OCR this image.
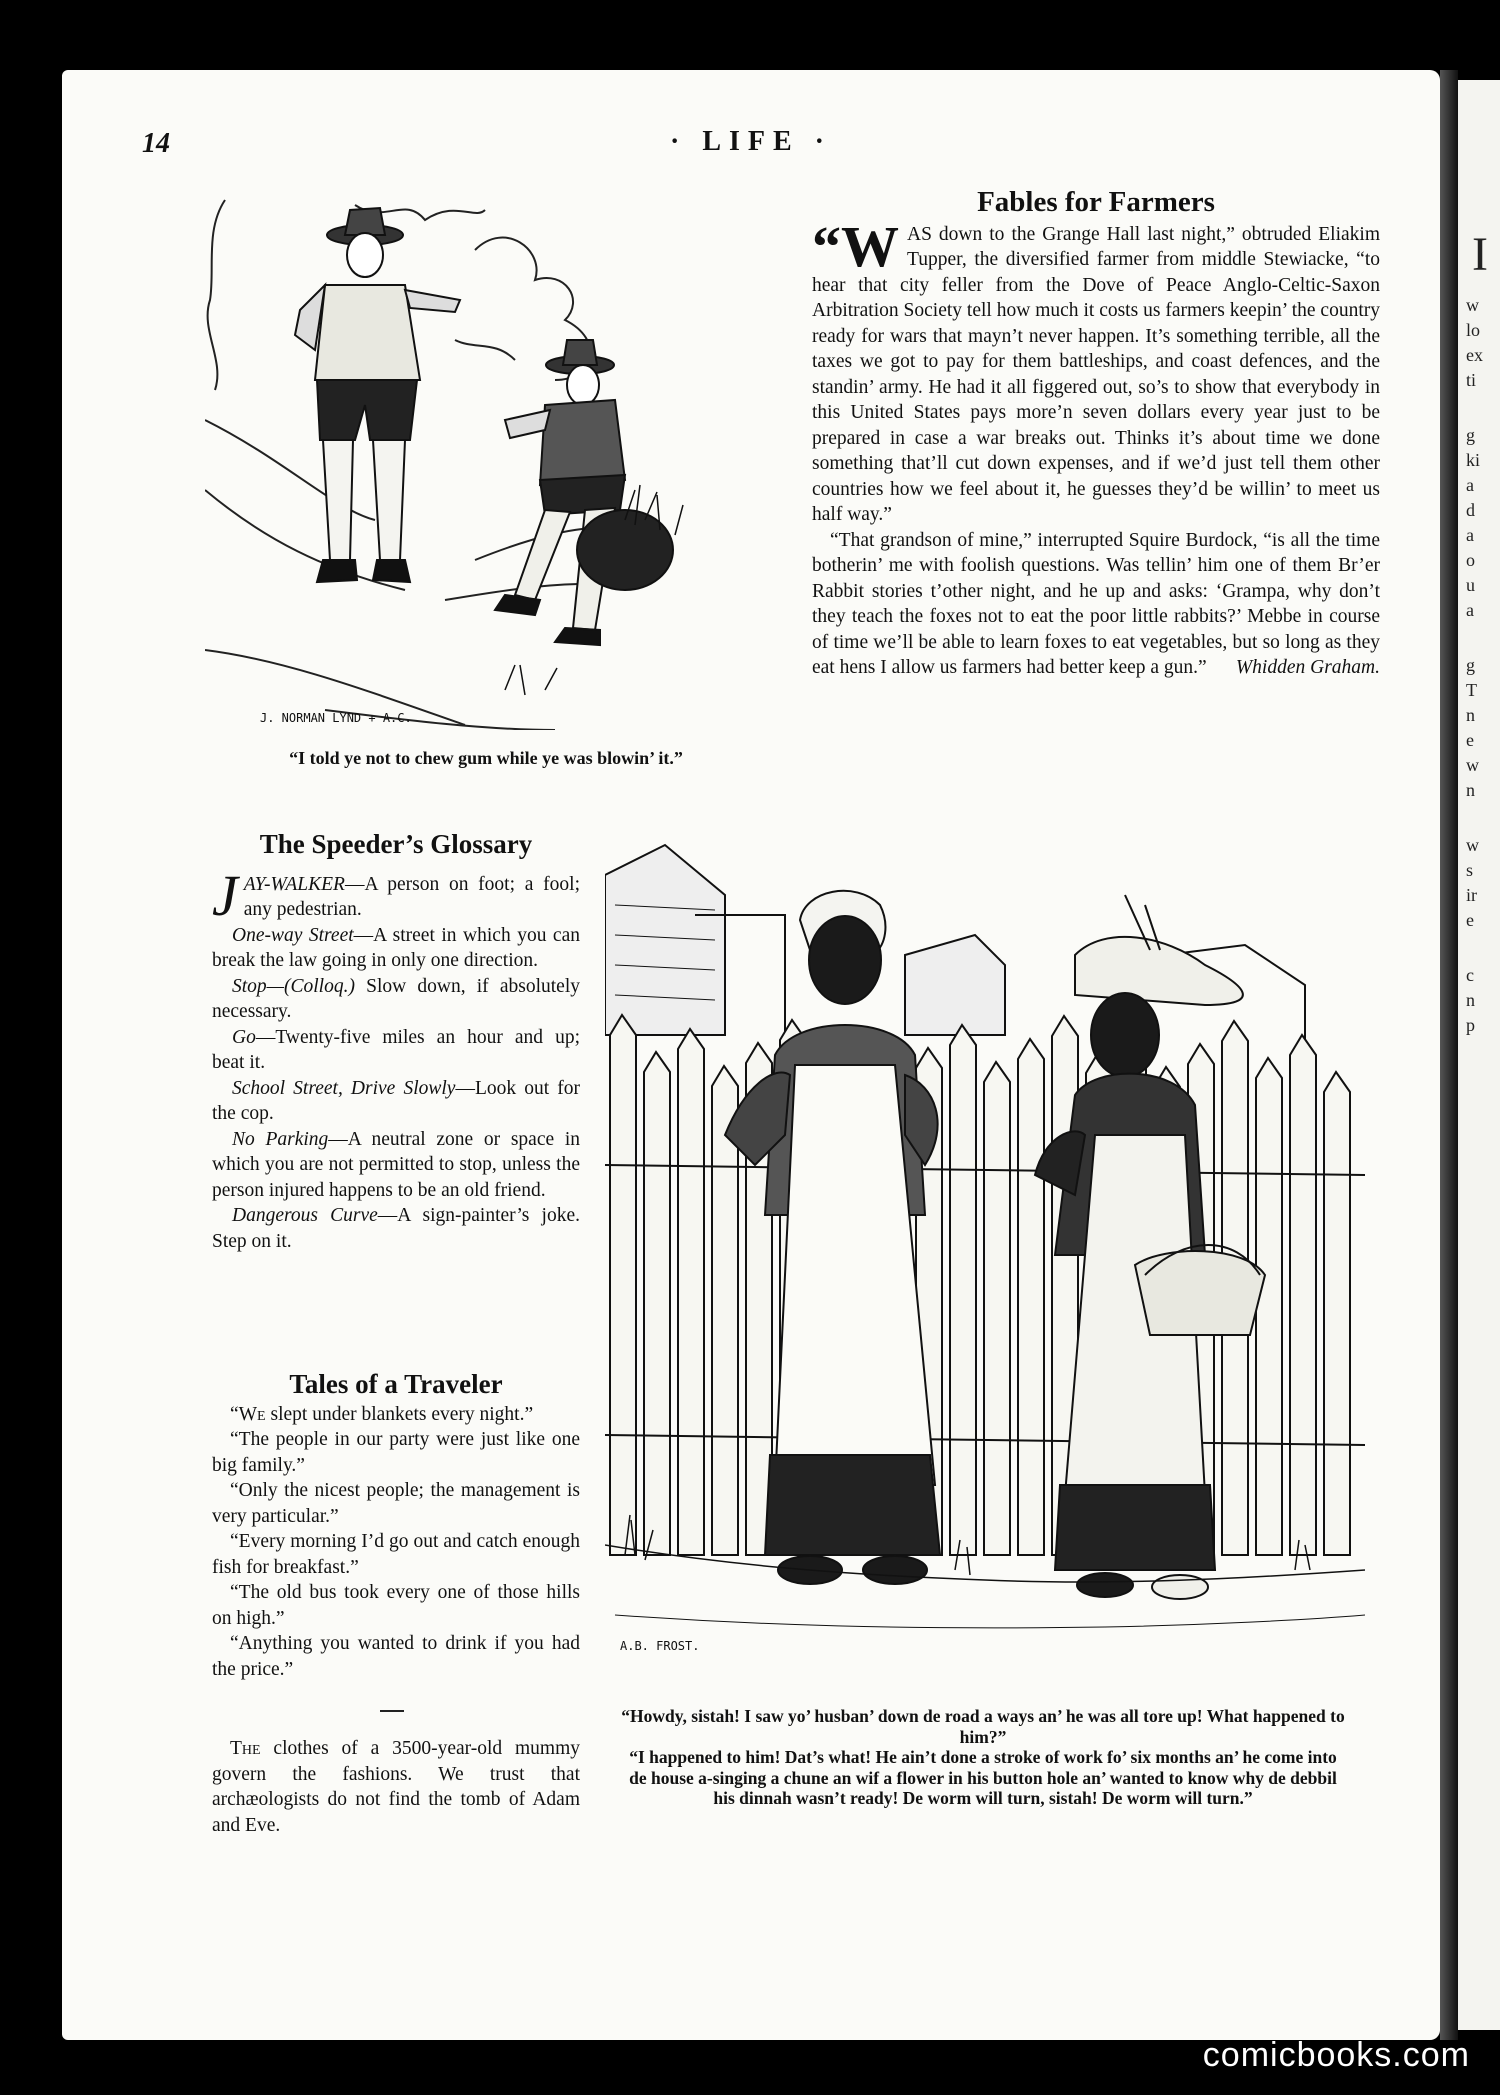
I
w
lo
ex
ti
g
ki
a
d
a
o
u
a
g
T
n
e
w
n
w
s
ir
e
c
n
p
14	· LIFE ·
J. NORMAN LYND + A.C.
“I told ye not to chew gum while ye was blowin’ it.”
Fables for Farmers

“WAS down to the Grange Hall last night,” obtruded Eliakim Tupper, the diversified farmer from middle Stewiacke, “to hear that city feller from the Dove of Peace Anglo-Celtic-Saxon Arbitration Society tell how much it costs us farmers keepin’ the country ready for wars that mayn’t never happen. It’s something terrible, all the taxes we got to pay for them battleships, and coast defences, and the standin’ army. He had it all figgered out, so’s to show that everybody in this United States pays more’n seven dollars every year just to be prepared in case a war breaks out. Thinks it’s about time we done something that’ll cut down expenses, and if we’d just tell them other countries how we feel about it, he guesses they’d be willin’ to meet us half way.”

“That grandson of mine,” interrupted Squire Burdock, “is all the time botherin’ me with foolish questions. Was tellin’ him one of them Br’er Rabbit stories t’other night, and he up and asks: ‘Grampa, why don’t they teach the foxes not to eat the poor little rabbits?’ Mebbe in course of time we’ll be able to learn foxes to eat vegetables, but so long as they eat hens I allow us farmers had better keep a gun.”	Whidden Graham.

The Speeder’s Glossary

JAY-WALKER—A person on foot; a fool; any pedestrian.

One-way Street—A street in which you can break the law going in only one direction.

Stop—(Colloq.) Slow down, if absolutely necessary.

Go—Twenty-five miles an hour and up; beat it.

School Street, Drive Slowly—Look out for the cop.

No Parking—A neutral zone or space in which you are not permitted to stop, unless the person injured happens to be an old friend.

Dangerous Curve—A sign-painter’s joke. Step on it.

Tales of a Traveler

“We slept under blankets every night.”

“The people in our party were just like one big family.”

“Only the nicest people; the management is very particular.”

“Every morning I’d go out and catch enough fish for breakfast.”

“The old bus took every one of those hills on high.”

“Anything you wanted to drink if you had the price.”

The clothes of a 3500-year-old mummy govern the fashions. We trust that archæologists do not find the tomb of Adam and Eve.

A.B. FROST.

“Howdy, sistah! I saw yo’ husban’ down de road a ways an’ he was all tore up! What happened to him?”

“I happened to him! Dat’s what! He ain’t done a stroke of work fo’ six months an’ he come into de house a-singing a chune an wif a flower in his button hole an’ wanted to know why de debbil his dinnah wasn’t ready! De worm will turn, sistah! De worm will turn.”

comicbooks.com
